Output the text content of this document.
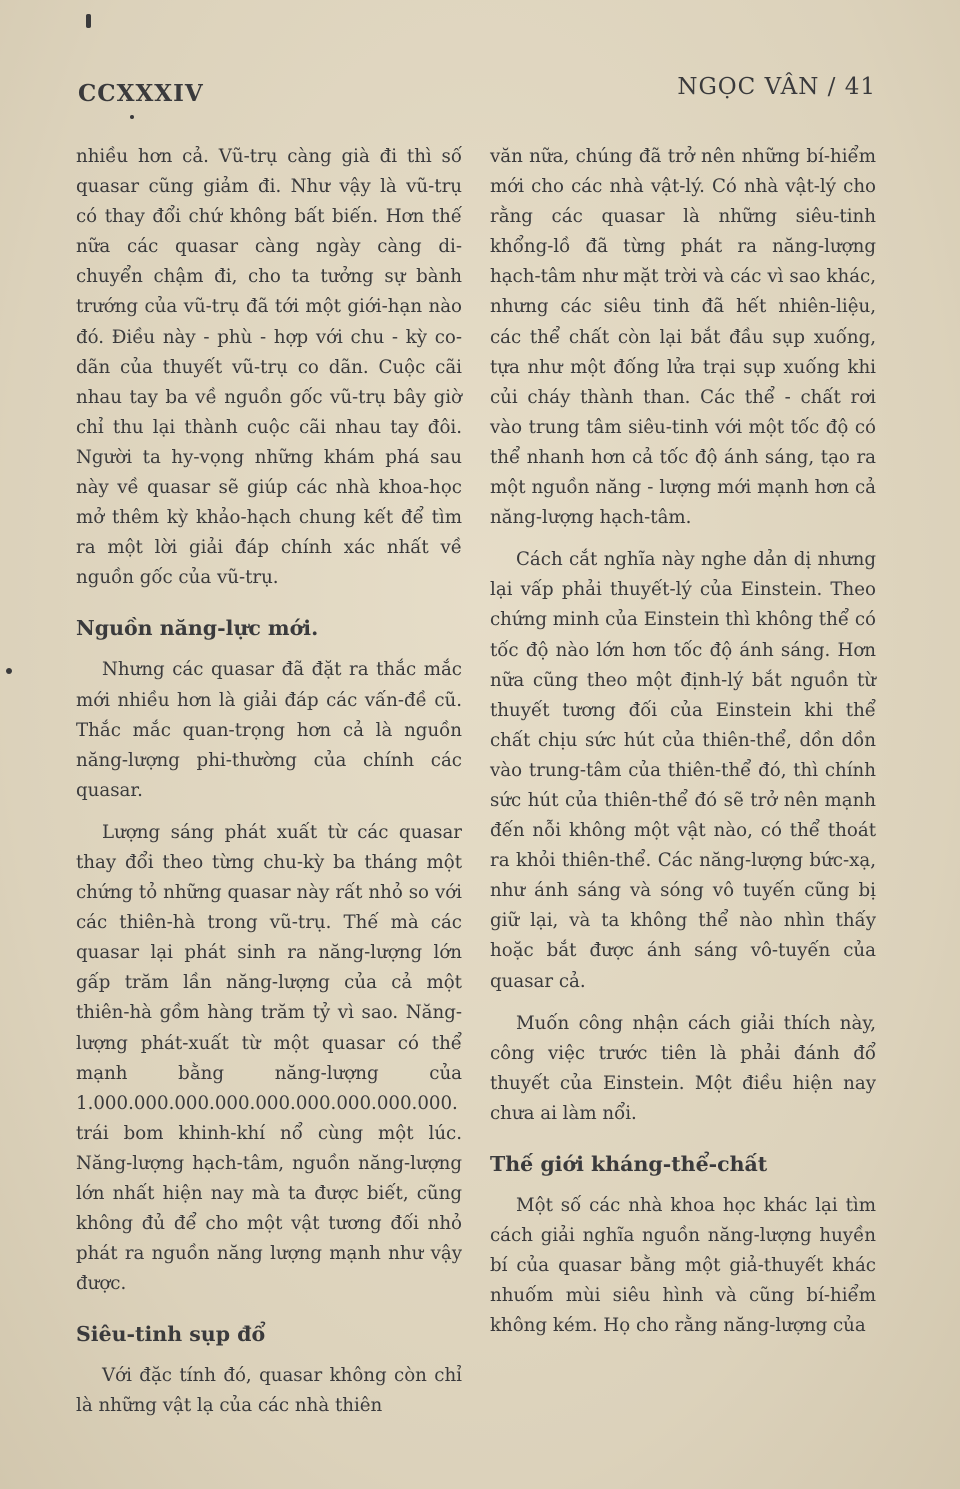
CCXXXIV	NGỌC VÂN / 41

nhiều hơn cả. Vũ-trụ càng già đi thì số quasar cũng giảm đi. Như vậy là vũ-trụ có thay đổi chứ không bất biến. Hơn thế nữa các quasar càng ngày càng di-chuyển chậm đi, cho ta tưởng sự bành trướng của vũ-trụ đã tới một giới-hạn nào đó. Điều này - phù - hợp với chu - kỳ co-dãn của thuyết vũ-trụ co dãn. Cuộc cãi nhau tay ba về nguồn gốc vũ-trụ bây giờ chỉ thu lại thành cuộc cãi nhau tay đôi. Người ta hy-vọng những khám phá sau này về quasar sẽ giúp các nhà khoa-học mở thêm kỳ khảo-hạch chung kết để tìm ra một lời giải đáp chính xác nhất về nguồn gốc của vũ-trụ.

Nguồn năng-lực mới.

Nhưng các quasar đã đặt ra thắc mắc mới nhiều hơn là giải đáp các vấn-đề cũ. Thắc mắc quan-trọng hơn cả là nguồn năng-lượng phi-thường của chính các quasar.

Lượng sáng phát xuất từ các quasar thay đổi theo từng chu-kỳ ba tháng một chứng tỏ những quasar này rất nhỏ so với các thiên-hà trong vũ-trụ. Thế mà các quasar lại phát sinh ra năng-lượng lớn gấp trăm lần năng-lượng của cả một thiên-hà gồm hàng trăm tỷ vì sao. Năng-lượng phát-xuất từ một quasar có thể mạnh bằng năng-lượng của 1.000.000.000.000.000.000.000.000.000. trái bom khinh-khí nổ cùng một lúc. Năng-lượng hạch-tâm, nguồn năng-lượng lớn nhất hiện nay mà ta được biết, cũng không đủ để cho một vật tương đối nhỏ phát ra nguồn năng lượng mạnh như vậy được.

Siêu-tinh sụp đổ

Với đặc tính đó, quasar không còn chỉ là những vật lạ của các nhà thiên

văn nữa, chúng đã trở nên những bí-hiểm mới cho các nhà vật-lý. Có nhà vật-lý cho rằng các quasar là những siêu-tinh khổng-lồ đã từng phát ra năng-lượng hạch-tâm như mặt trời và các vì sao khác, nhưng các siêu tinh đã hết nhiên-liệu, các thể chất còn lại bắt đầu sụp xuống, tựa như một đống lửa trại sụp xuống khi củi cháy thành than. Các thể - chất rơi vào trung tâm siêu-tinh với một tốc độ có thể nhanh hơn cả tốc độ ánh sáng, tạo ra một nguồn năng - lượng mới mạnh hơn cả năng-lượng hạch-tâm.

Cách cắt nghĩa này nghe dản dị nhưng lại vấp phải thuyết-lý của Einstein. Theo chứng minh của Einstein thì không thể có tốc độ nào lớn hơn tốc độ ánh sáng. Hơn nữa cũng theo một định-lý bắt nguồn từ thuyết tương đối của Einstein khi thể chất chịu sức hút của thiên-thể, dồn dồn vào trung-tâm của thiên-thể đó, thì chính sức hút của thiên-thể đó sẽ trở nên mạnh đến nỗi không một vật nào, có thể thoát ra khỏi thiên-thể. Các năng-lượng bức-xạ, như ánh sáng và sóng vô tuyến cũng bị giữ lại, và ta không thể nào nhìn thấy hoặc bắt được ánh sáng vô-tuyến của quasar cả.

Muốn công nhận cách giải thích này, công việc trước tiên là phải đánh đổ thuyết của Einstein. Một điều hiện nay chưa ai làm nổi.

Thế giới kháng-thể-chất

Một số các nhà khoa học khác lại tìm cách giải nghĩa nguồn năng-lượng huyền bí của quasar bằng một giả-thuyết khác nhuốm mùi siêu hình và cũng bí-hiểm không kém. Họ cho rằng năng-lượng của
